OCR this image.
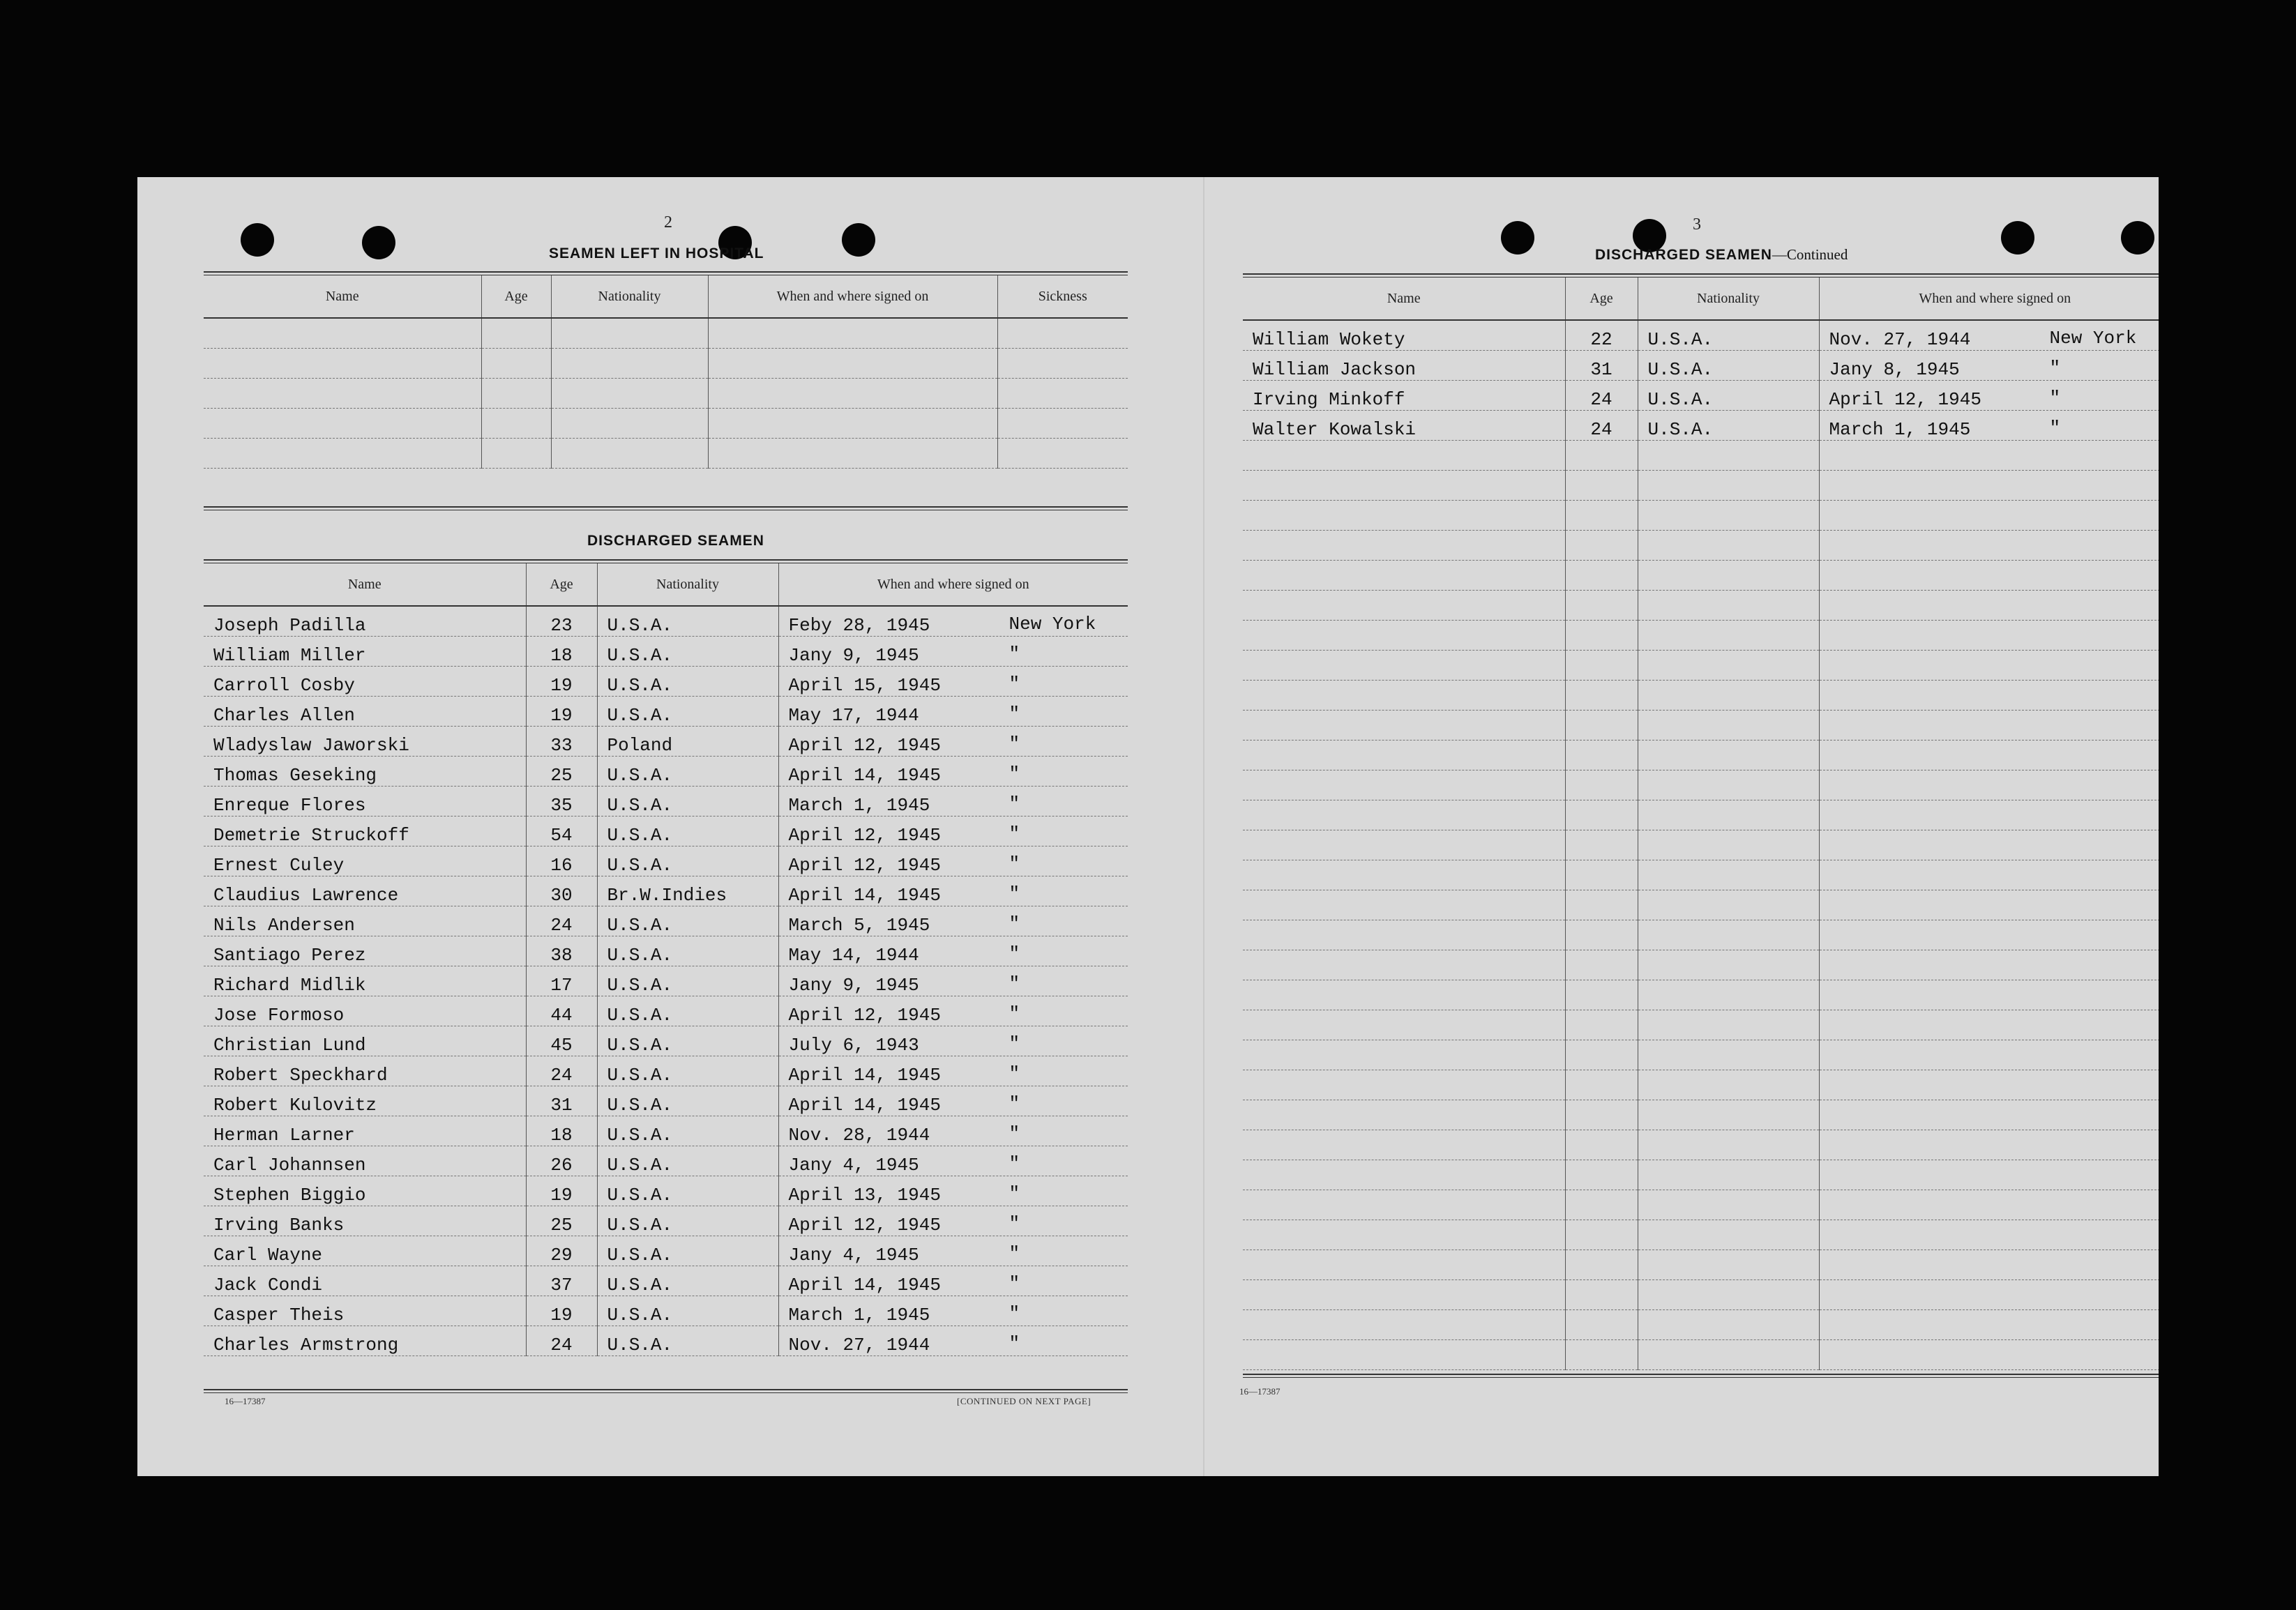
2
SEAMEN LEFT IN HOSPITAL
Name	Age	Nationality	When and where signed on	Sickness

DISCHARGED SEAMEN
Name	Age	Nationality	When and where signed on
Joseph Padilla	23	U.S.A.	Feby 28, 1945 New York

William Miller	18	U.S.A.	Jany 9, 1945 "

Carroll Cosby	19	U.S.A.	April 15, 1945 "

Charles Allen	19	U.S.A.	May 17, 1944 "

Wladyslaw Jaworski	33	Poland	April 12, 1945 "

Thomas Geseking	25	U.S.A.	April 14, 1945 "

Enreque Flores	35	U.S.A.	March 1, 1945 "

Demetrie Struckoff	54	U.S.A.	April 12, 1945 "

Ernest Culey	16	U.S.A.	April 12, 1945 "

Claudius Lawrence	30	Br.W.Indies	April 14, 1945 "

Nils Andersen	24	U.S.A.	March 5, 1945 "

Santiago Perez	38	U.S.A.	May 14, 1944 "

Richard Midlik	17	U.S.A.	Jany 9, 1945 "

Jose Formoso	44	U.S.A.	April 12, 1945 "

Christian Lund	45	U.S.A.	July 6, 1943 "

Robert Speckhard	24	U.S.A.	April 14, 1945 "

Robert Kulovitz	31	U.S.A.	April 14, 1945 "

Herman Larner	18	U.S.A.	Nov. 28, 1944 "

Carl Johannsen	26	U.S.A.	Jany 4, 1945 "

Stephen Biggio	19	U.S.A.	April 13, 1945 "

Irving Banks	25	U.S.A.	April 12, 1945 "

Carl Wayne	29	U.S.A.	Jany 4, 1945 "

Jack Condi	37	U.S.A.	April 14, 1945 "

Casper Theis	19	U.S.A.	March 1, 1945 "

Charles Armstrong	24	U.S.A.	Nov. 27, 1944 "
16—17387	[CONTINUED ON NEXT PAGE]
3
DISCHARGED SEAMEN—Continued
Name	Age	Nationality	When and where signed on
William Wokety	22	U.S.A.	Nov. 27, 1944 New York

William Jackson	31	U.S.A.	Jany 8, 1945 "

Irving Minkoff	24	U.S.A.	April 12, 1945 "

Walter Kowalski	24	U.S.A.	March 1, 1945 "

16—17387
